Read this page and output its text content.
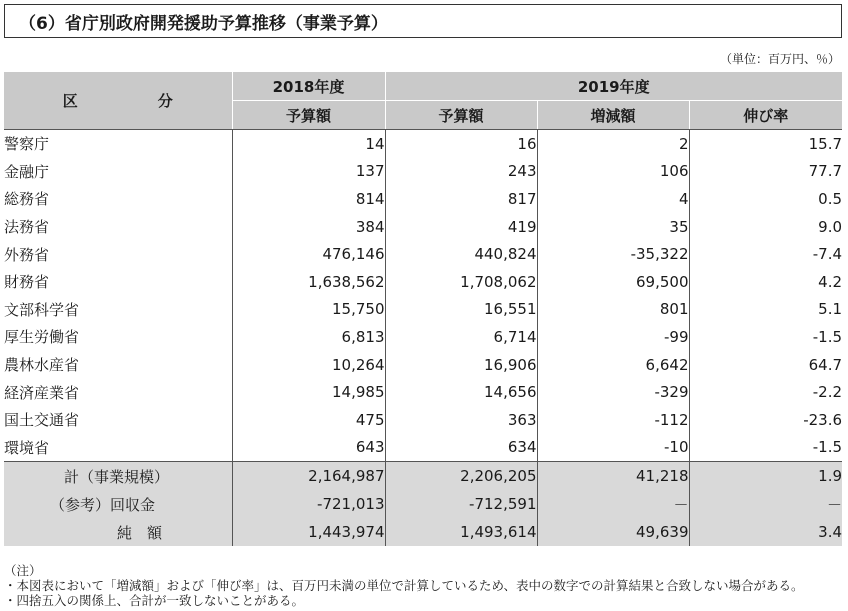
（6）省庁別政府開発援助予算推移（事業予算）
（単位：百万円、％）
区　　分	2018年度	2019年度		
	予算額	予算額	増減額	伸び率
警察庁	14	16	2	15.7
金融庁	137	243	106	77.7
総務省	814	817	4	0.5
法務省	384	419	35	9.0
外務省	476,146	440,824	-35,322	-7.4
財務省	1,638,562	1,708,062	69,500	4.2
文部科学省	15,750	16,551	801	5.1
厚生労働省	6,813	6,714	-99	-1.5
農林水産省	10,264	16,906	6,642	64.7
経済産業省	14,985	14,656	-329	-2.2
国土交通省	475	363	-112	-23.6
環境省	643	634	-10	-1.5
計（事業規模）	2,164,987	2,206,205	41,218	1.9
（参考）回収金	-721,013	-712,591	－	－
純　額	1,443,974	1,493,614	49,639	3.4
（注）
・本図表において「増減額」および「伸び率」は、百万円未満の単位で計算しているため、表中の数字での計算結果と合致しない場合がある。
・四捨五入の関係上、合計が一致しないことがある。
